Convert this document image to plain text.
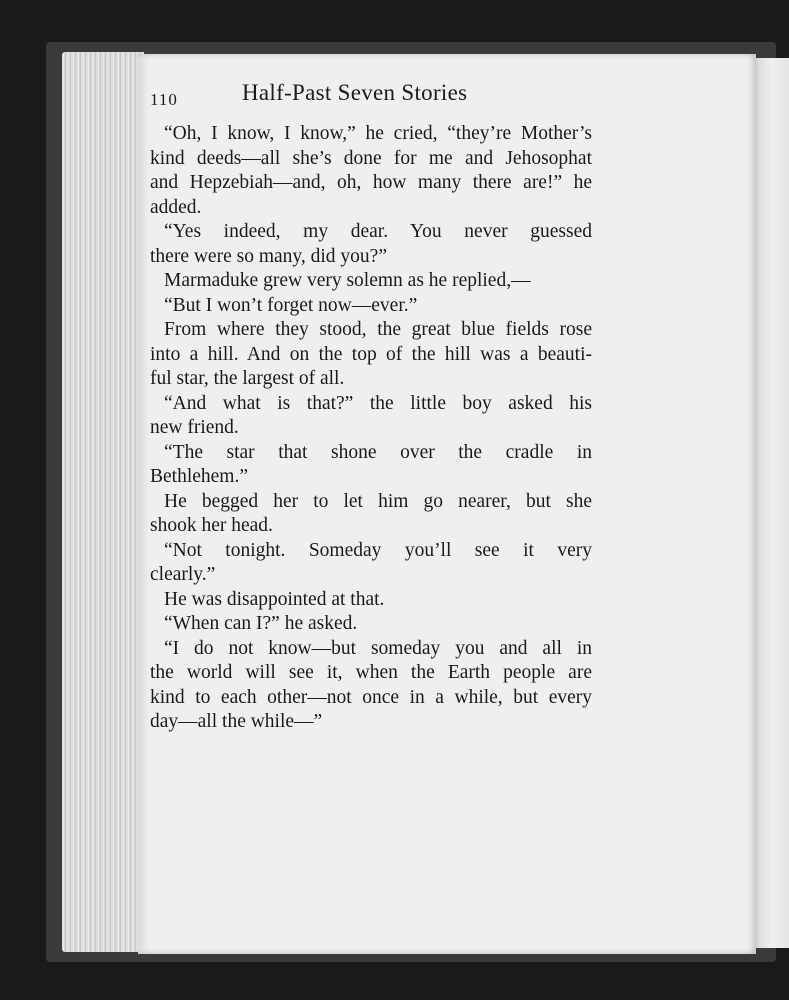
110	Half-Past Seven Stories
“Oh, I know, I know,” he cried, “they’re Mother’s
kind deeds—all she’s done for me and Jehosophat
and Hepzebiah—and, oh, how many there are!” he
added.
“Yes indeed, my dear. You never guessed
there were so many, did you?”
Marmaduke grew very solemn as he replied,—
“But I won’t forget now—ever.”
From where they stood, the great blue fields rose
into a hill. And on the top of the hill was a beauti-
ful star, the largest of all.
“And what is that?” the little boy asked his
new friend.
“The star that shone over the cradle in
Bethlehem.”
He begged her to let him go nearer, but she
shook her head.
“Not tonight. Someday you’ll see it very
clearly.”
He was disappointed at that.
“When can I?” he asked.
“I do not know—but someday you and all in
the world will see it, when the Earth people are
kind to each other—not once in a while, but every
day—all the while—”
